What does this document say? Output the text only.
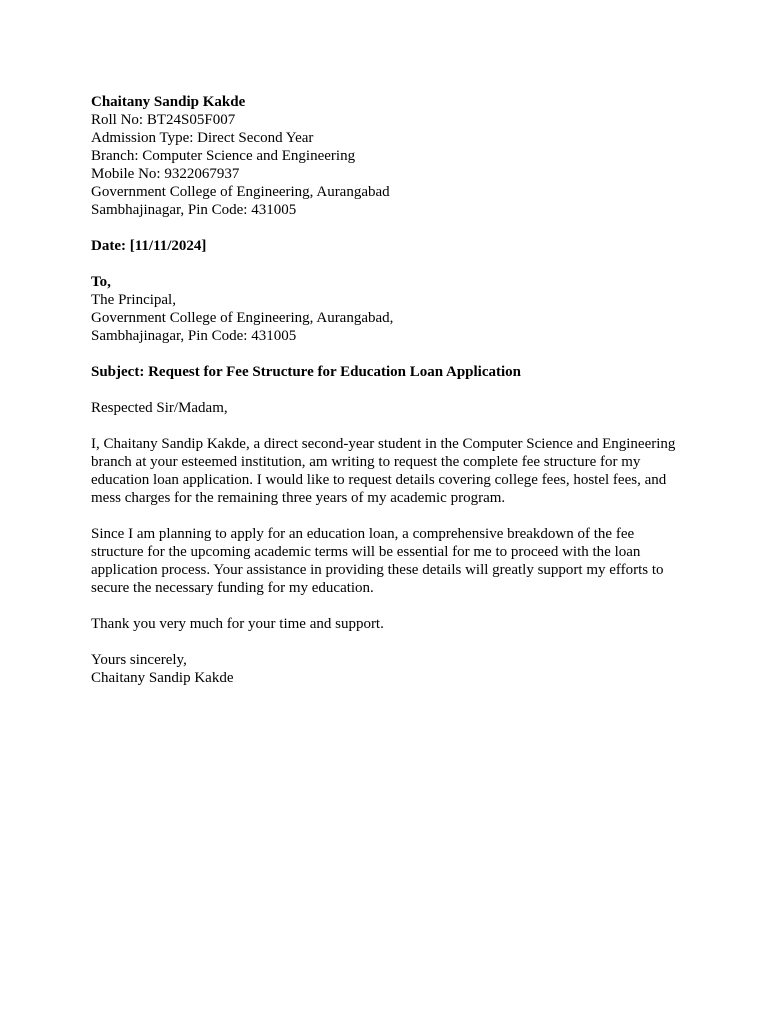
Chaitany Sandip Kakde
Roll No: BT24S05F007
Admission Type: Direct Second Year
Branch: Computer Science and Engineering
Mobile No: 9322067937
Government College of Engineering, Aurangabad
Sambhajinagar, Pin Code: 431005
Date: [11/11/2024]
To,
The Principal,
Government College of Engineering, Aurangabad,
Sambhajinagar, Pin Code: 431005
Subject: Request for Fee Structure for Education Loan Application
Respected Sir/Madam,
I, Chaitany Sandip Kakde, a direct second-year student in the Computer Science and Engineering
branch at your esteemed institution, am writing to request the complete fee structure for my
education loan application. I would like to request details covering college fees, hostel fees, and
mess charges for the remaining three years of my academic program.
Since I am planning to apply for an education loan, a comprehensive breakdown of the fee
structure for the upcoming academic terms will be essential for me to proceed with the loan
application process. Your assistance in providing these details will greatly support my efforts to
secure the necessary funding for my education.
Thank you very much for your time and support.
Yours sincerely,
Chaitany Sandip Kakde
